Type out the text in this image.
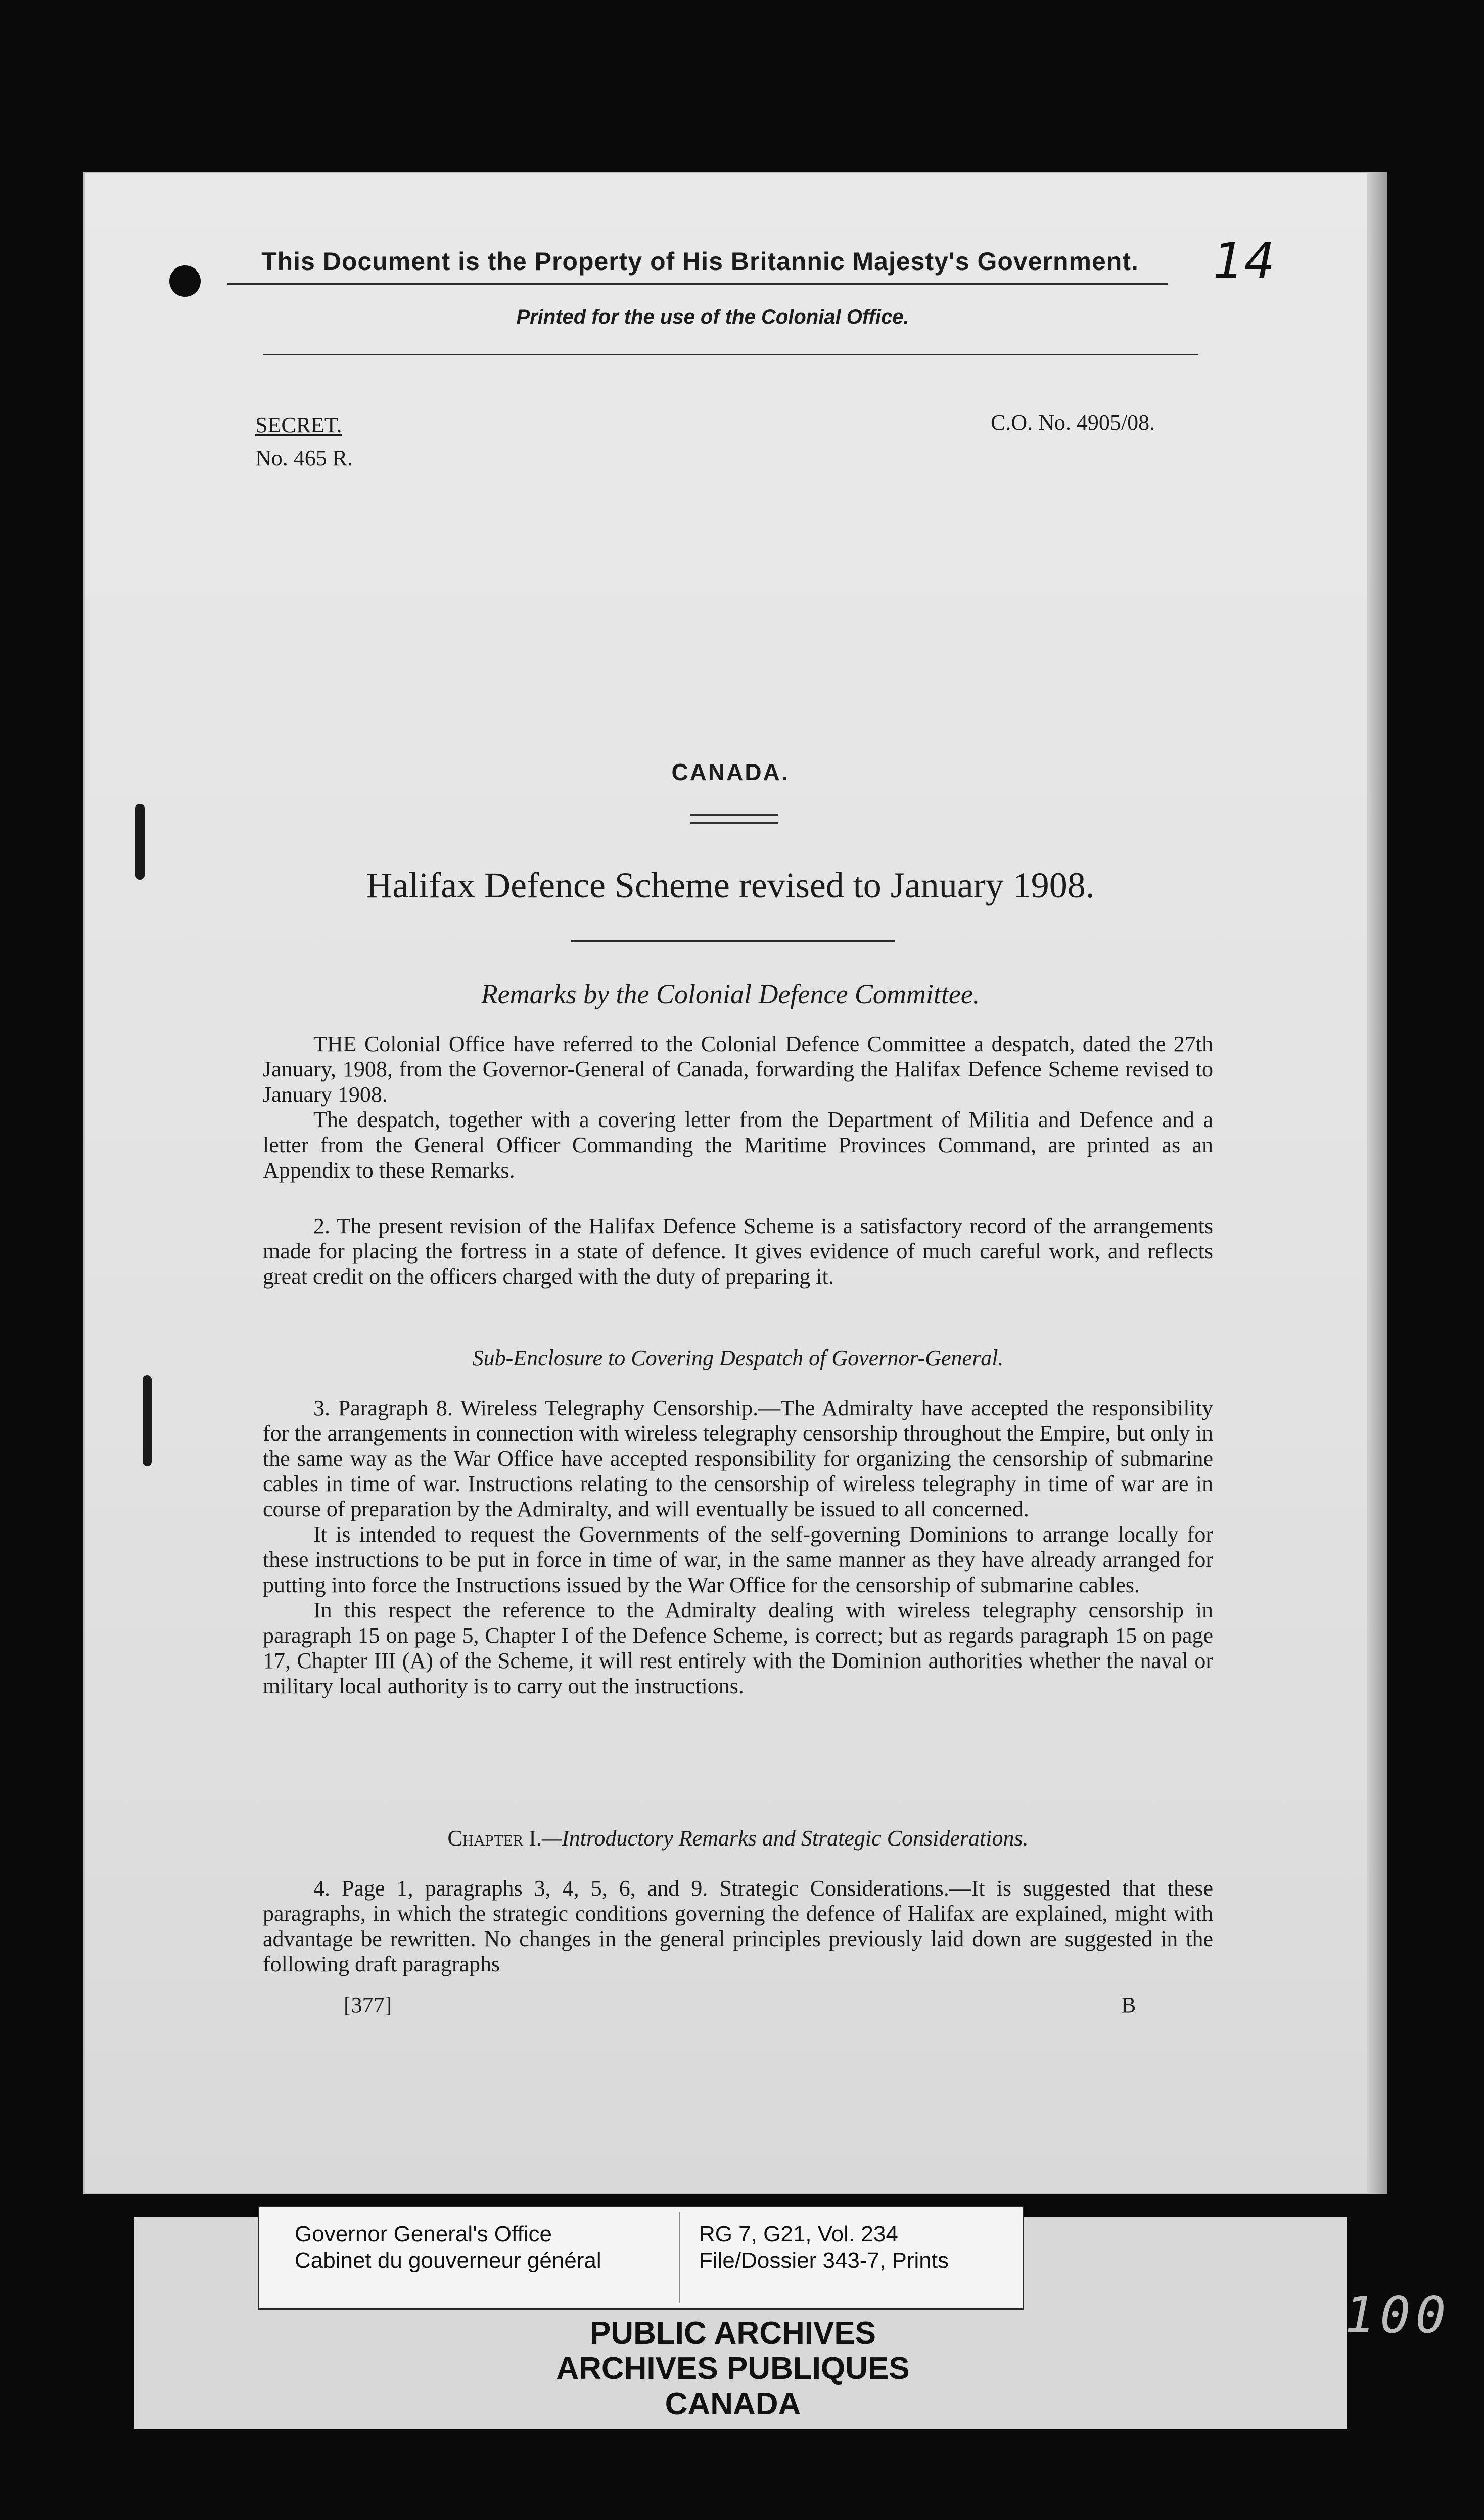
This Document is the Property of His Britannic Majesty's Government.	14
Printed for the use of the Colonial Office.
SECRET.
No. 465 R.
C.O. No. 4905/08.
CANADA.
Halifax Defence Scheme revised to January 1908.
Remarks by the Colonial Defence Committee.

THE Colonial Office have referred to the Colonial Defence Committee a despatch, dated the 27th January, 1908, from the Governor-General of Canada, forwarding the Halifax Defence Scheme revised to January 1908.

The despatch, together with a covering letter from the Department of Militia and Defence and a letter from the General Officer Commanding the Maritime Provinces Command, are printed as an Appendix to these Remarks.

2. The present revision of the Halifax Defence Scheme is a satisfactory record of the arrangements made for placing the fortress in a state of defence. It gives evidence of much careful work, and reflects great credit on the officers charged with the duty of preparing it.

Sub-Enclosure to Covering Despatch of Governor-General.

3. Paragraph 8. Wireless Telegraphy Censorship.—The Admiralty have accepted the responsibility for the arrangements in connection with wireless telegraphy censorship throughout the Empire, but only in the same way as the War Office have accepted responsibility for organizing the censorship of submarine cables in time of war. Instructions relating to the censorship of wireless telegraphy in time of war are in course of preparation by the Admiralty, and will eventually be issued to all concerned.

It is intended to request the Governments of the self-governing Dominions to arrange locally for these instructions to be put in force in time of war, in the same manner as they have already arranged for putting into force the Instructions issued by the War Office for the censorship of submarine cables.

In this respect the reference to the Admiralty dealing with wireless telegraphy censorship in paragraph 15 on page 5, Chapter I of the Defence Scheme, is correct; but as regards paragraph 15 on page 17, Chapter III (A) of the Scheme, it will rest entirely with the Dominion authorities whether the naval or military local authority is to carry out the instructions.

Chapter I.—Introductory Remarks and Strategic Considerations.

4. Page 1, paragraphs 3, 4, 5, 6, and 9. Strategic Considerations.—It is suggested that these paragraphs, in which the strategic conditions governing the defence of Halifax are explained, might with advantage be rewritten. No changes in the general principles previously laid down are suggested in the following draft paragraphs

[377]	B
Governor General's Office
Cabinet du gouverneur général
RG 7, G21, Vol. 234
File/Dossier 343-7, Prints
PUBLIC ARCHIVES
ARCHIVES PUBLIQUES
CANADA
100
